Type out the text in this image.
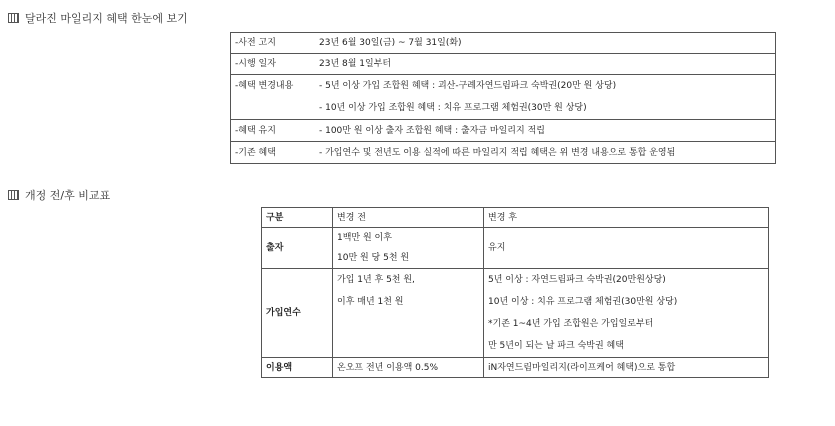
달라진 마일리지 혜택 한눈에 보기
-사전 고지	23년 6월 30일(금) ~ 7월 31일(화)
-시행 일자	23년 8월 1일부터
-혜택 변경내용	- 5년 이상 가입 조합원 혜택 : 괴산-구례자연드림파크 숙박권(20만 원 상당)
- 10년 이상 가입 조합원 혜택 : 치유 프로그램 체험권(30만 원 상당)

-혜택 유지	- 100만 원 이상 출자 조합원 혜택 : 출자금 마일리지 적립
-기존 혜택	- 가입연수 및 전년도 이용 실적에 따른 마일리지 적립 혜택은 위 변경 내용으로 통합 운영됨
개정 전/후 비교표
구분	변경 전	변경 후
출자	1백만 원 이후
10만 원 당 5천 원	유지
가입연수	가입 1년 후 5천 원,
이후 매년 1천 원	5년 이상 : 자연드림파크 숙박권(20만원상당)
10년 이상 : 치유 프로그램 체험권(30만원 상당)
*기존 1~4년 가입 조합원은 가입일로부터
만 5년이 되는 날 파크 숙박권 혜택

이용액	온오프 전년 이용액 0.5%	iN자연드림마일리지(라이프케어 혜택)으로 통합
